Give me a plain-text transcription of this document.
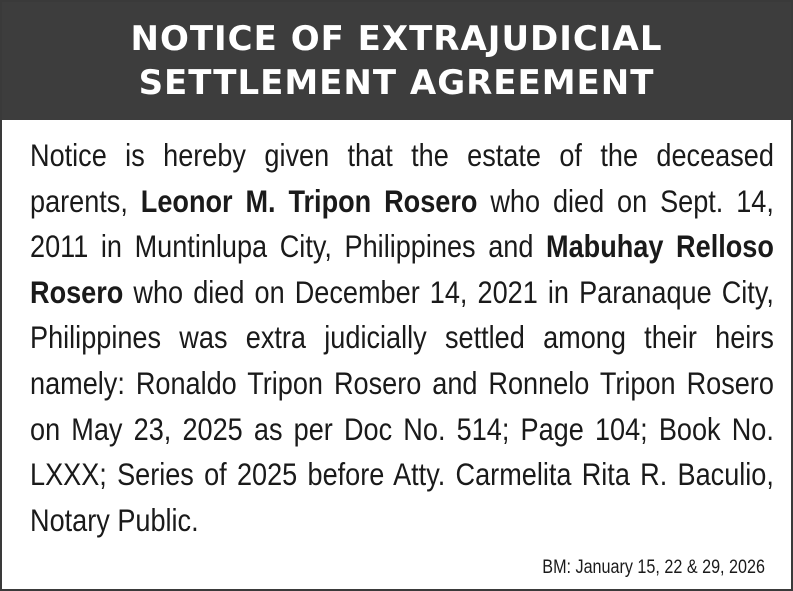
NOTICE OF EXTRAJUDICIAL
SETTLEMENT AGREEMENT
Notice is hereby given that the estate of the deceased parents, Leonor M. Tripon Rosero who died on Sept. 14, 2011 in Muntinlupa City, Philippines and Mabuhay Relloso Rosero who died on December 14, 2021 in Paranaque City, Philippines was extra judicially settled among their heirs namely: Ronaldo Tripon Rosero and Ronnelo Tripon Rosero on May 23, 2025 as per Doc No. 514; Page 104; Book No. LXXX; Series of 2025 before Atty. Carmelita Rita R. Baculio, Notary Public.
BM: January 15, 22 & 29, 2026
